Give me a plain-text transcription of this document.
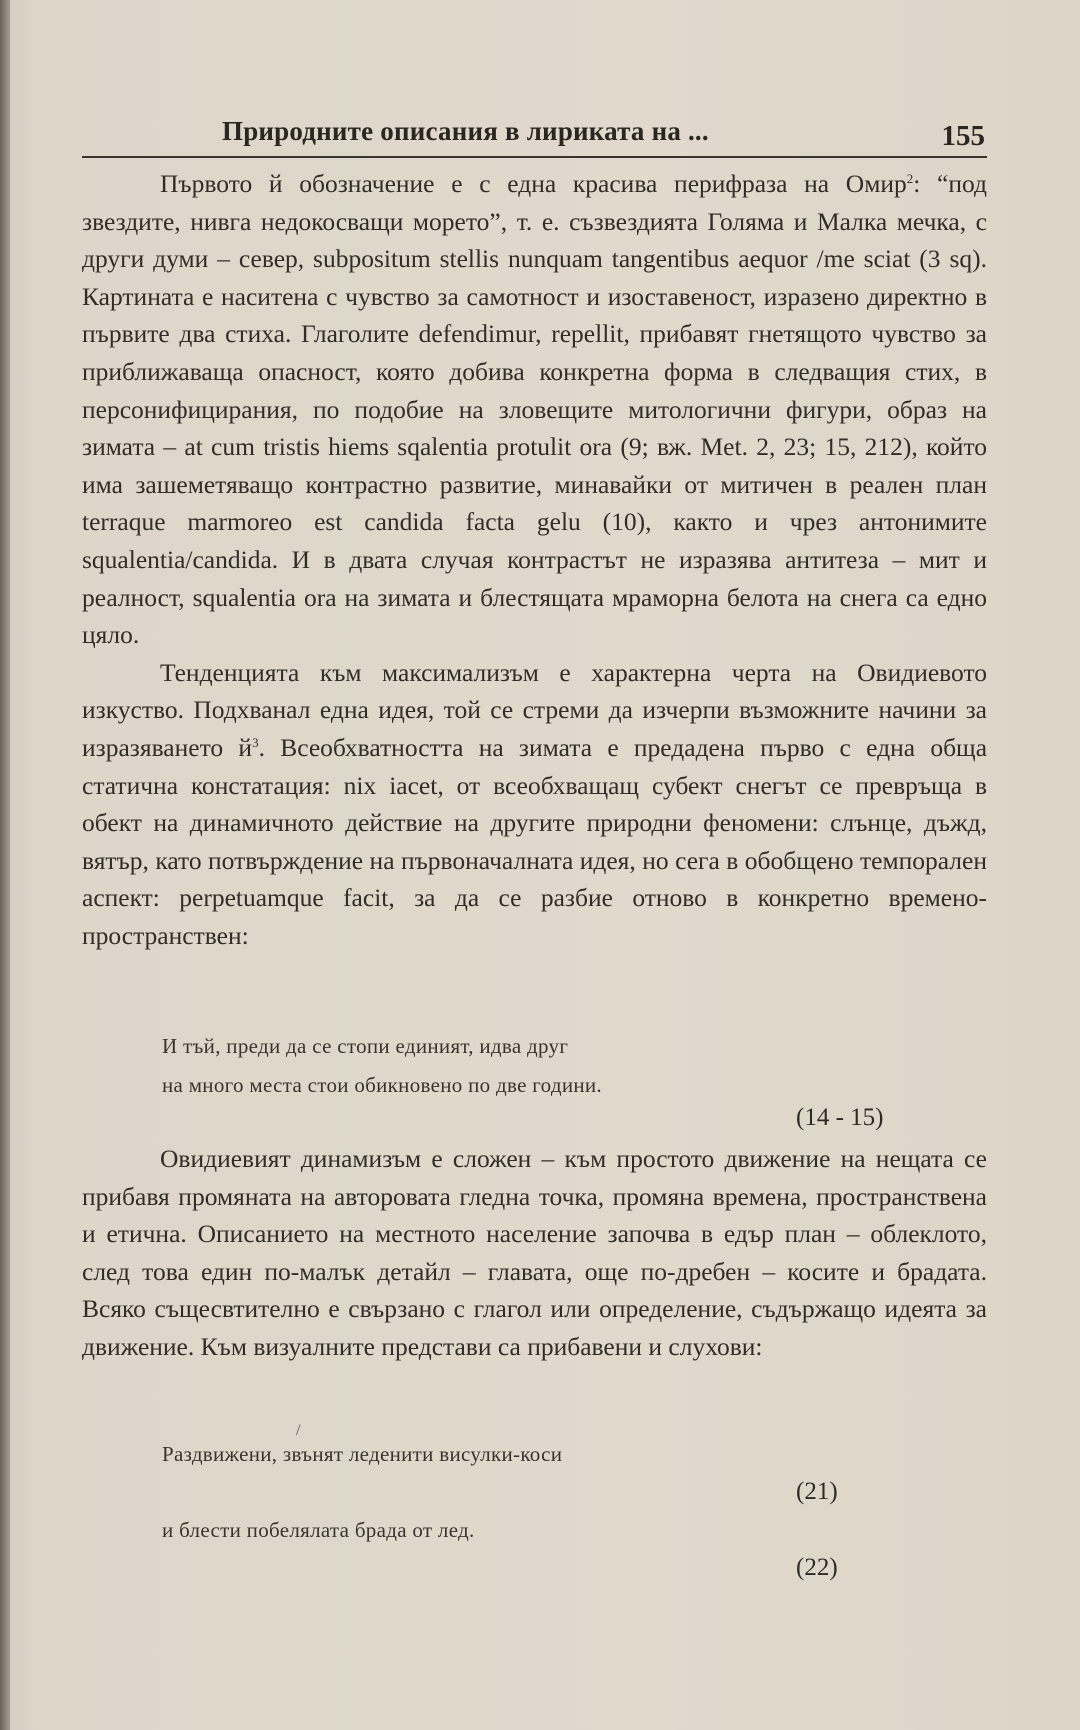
Природните описания в лириката на ...	155

Първото й обозначение е с една красива перифраза на Омир$^2$: “под звездите, нивга недокосващи морето”, т. е. съзвездията Голяма и Малка мечка, с други думи – север, subpositum stellis nunquam tangentibus aequor /me sciat (3 sq). Картината е наситена с чувство за самотност и изоставеност, изразено директно в първите два стиха. Глаголите defendimur, repellit, прибавят гнетящото чувство за приближаваща опасност, която добива конкретна форма в следващия стих, в персонифицирания, по подобие на зловещите митологични фигури, образ на зимата – at cum tristis hiems sqalentia protulit ora (9; вж. Met. 2, 23; 15, 212), който има зашеметяващо контрастно развитие, минавайки от митичен в реален план terraque marmoreo est candida facta gelu (10), както и чрез антонимите squalentia/candida. И в двата случая контрастът не изразява антитеза – мит и реалност, squalentia ora на зимата и блестящата мраморна белота на снега са едно цяло.

Тенденцията към максимализъм е характерна черта на Овидиевото изкуство. Подхванал една идея, той се стреми да изчерпи възможните начини за изразяването $й^3$. Всеобхватността на зимата е предадена първо с една обща статична констатация: nix iacet, от всеобхващащ субект снегът се превръща в обект на динамичното действие на другите природни феномени: слънце, дъжд, вятър, като потвърждение на първоначалната идея, но сега в обобщено темпорален аспект: perpetuamque facit, за да се разбие отново в конкретно времено-пространствен:

И тъй, преди да се стопи единият, идва друг
на много места стои обикновено по две години.
(14 - 15)

Овидиевият динамизъм е сложен – към простото движение на нещата се прибавя промяната на авторовата гледна точка, промяна времена, пространствена и етична. Описанието на местното население започва в едър план – облеклото, след това един по-малък детайл – главата, още по-дребен – косите и брадата. Всяко същесвтително е свързано с глагол или определение, съдържащо идеята за движение. Към визуалните представи са прибавени и слухови:

/
Раздвижени, звънят леденити висулки-коси
(21)
и блести побелялата брада от лед.
(22)
